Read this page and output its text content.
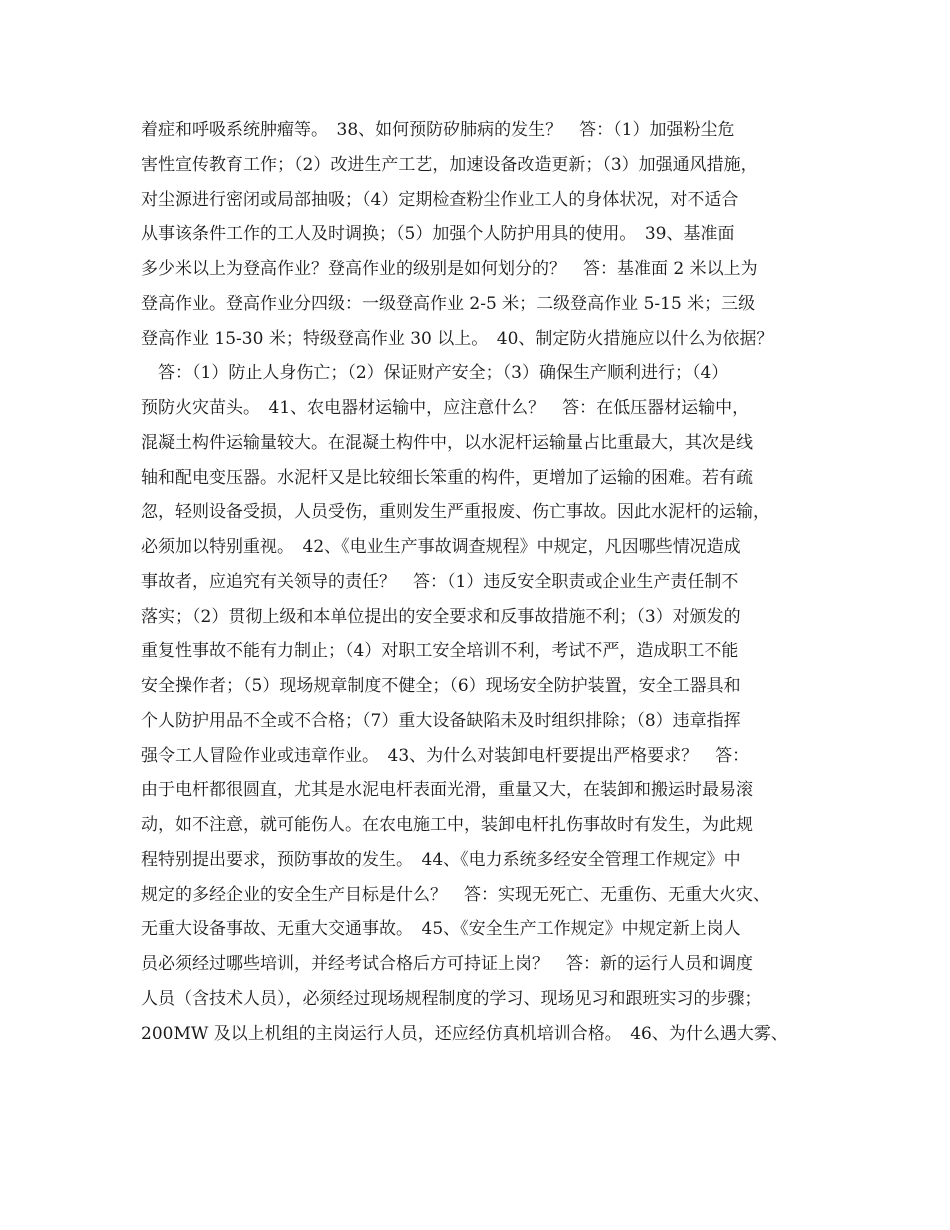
着症和呼吸系统肿瘤等。　38、如何预防矽肺病的发生？　答：（1）加强粉尘危
害性宣传教育工作；（2）改进生产工艺，加速设备改造更新；（3）加强通风措施，
对尘源进行密闭或局部抽吸；（4）定期检查粉尘作业工人的身体状况，对不适合
从事该条件工作的工人及时调换；（5）加强个人防护用具的使用。　39、基准面
多少米以上为登高作业？登高作业的级别是如何划分的？　答：基准面 2 米以上为
登高作业。登高作业分四级：一级登高作业 2-5 米；二级登高作业 5-15 米；三级
登高作业 15-30 米；特级登高作业 30 以上。　40、制定防火措施应以什么为依据？
　答：（1）防止人身伤亡；（2）保证财产安全；（3）确保生产顺利进行；（4）
预防火灾苗头。　41、农电器材运输中，应注意什么？　答：在低压器材运输中，
混凝土构件运输量较大。在混凝土构件中，以水泥杆运输量占比重最大，其次是线
轴和配电变压器。水泥杆又是比较细长笨重的构件，更增加了运输的困难。若有疏
忽，轻则设备受损，人员受伤，重则发生严重报废、伤亡事故。因此水泥杆的运输，
必须加以特别重视。　42、《电业生产事故调查规程》中规定，凡因哪些情况造成
事故者，应追究有关领导的责任？　答：（1）违反安全职责或企业生产责任制不
落实；（2）贯彻上级和本单位提出的安全要求和反事故措施不利；（3）对颁发的
重复性事故不能有力制止；（4）对职工安全培训不利，考试不严，造成职工不能
安全操作者；（5）现场规章制度不健全；（6）现场安全防护装置，安全工器具和
个人防护用品不全或不合格；（7）重大设备缺陷未及时组织排除；（8）违章指挥
强令工人冒险作业或违章作业。　43、为什么对装卸电杆要提出严格要求？　答：
由于电杆都很圆直，尤其是水泥电杆表面光滑，重量又大，在装卸和搬运时最易滚
动，如不注意，就可能伤人。在农电施工中，装卸电杆扎伤事故时有发生，为此规
程特别提出要求，预防事故的发生。　44、《电力系统多经安全管理工作规定》中
规定的多经企业的安全生产目标是什么？　答：实现无死亡、无重伤、无重大火灾、
无重大设备事故、无重大交通事故。　45、《安全生产工作规定》中规定新上岗人
员必须经过哪些培训，并经考试合格后方可持证上岗？　答：新的运行人员和调度
人员（含技术人员），必须经过现场规程制度的学习、现场见习和跟班实习的步骤；
200MW 及以上机组的主岗运行人员，还应经仿真机培训合格。　46、为什么遇大雾、
